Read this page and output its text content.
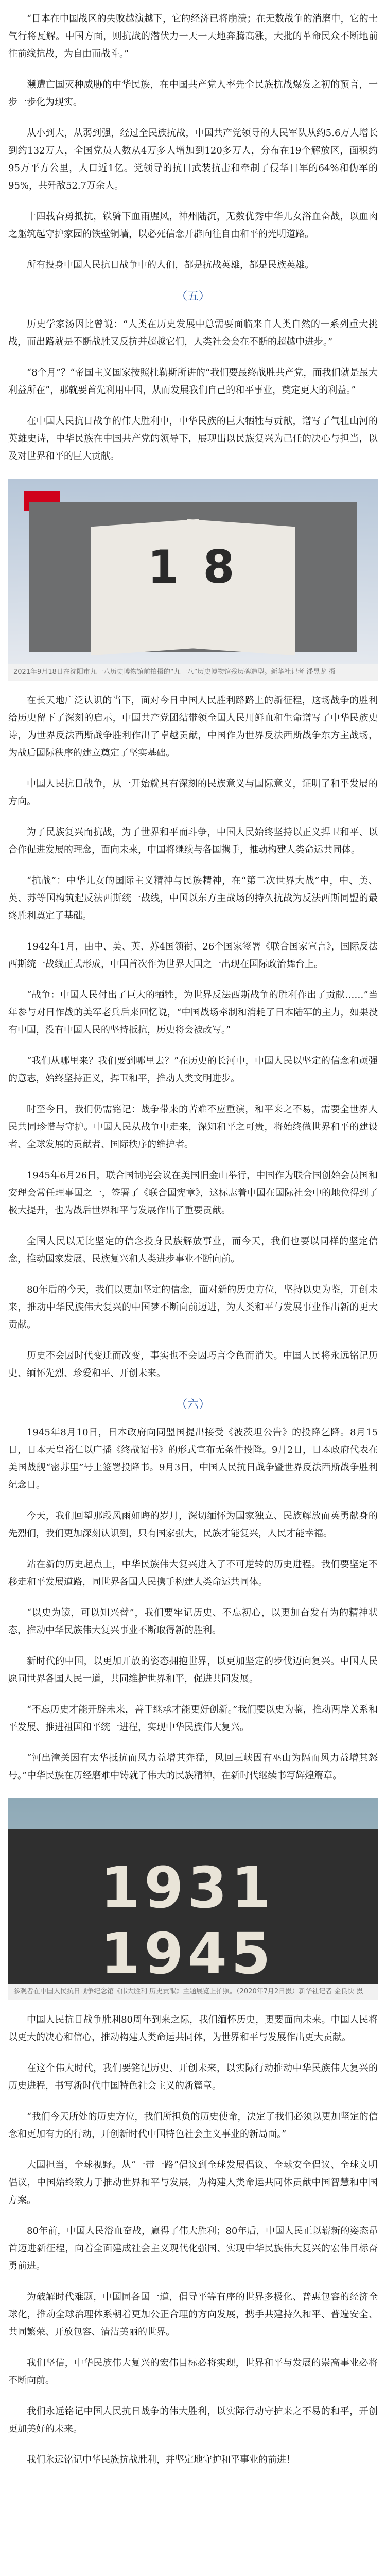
“日本在中国战区的失败越演越下，它的经济已将崩溃；在无数战争的消磨中，它的士气行将瓦解。中国方面，则抗战的潜伏力一天一天地奔腾高涨，大批的革命民众不断地前往前线抗战，为自由而战斗。”

濒遭亡国灭种威胁的中华民族，在中国共产党人率先全民族抗战爆发之初的预言，一步一步化为现实。

从小到大，从弱到强，经过全民族抗战，中国共产党领导的人民军队从约5.6万人增长到约132万人，全国党员人数从4万多人增加到120多万人，分布在19个解放区，面积约95万平方公里，人口近1亿。党领导的抗日武装抗击和牵制了侵华日军的64%和伪军的95%，共歼敌52.7万余人。

十四载奋勇抵抗，铁骑下血雨腥风，神州陆沉，无数优秀中华儿女浴血奋战，以血肉之躯筑起守护家园的铁壁铜墙，以必死信念开辟向往自由和平的光明道路。

所有投身中国人民抗日战争中的人们，都是抗战英雄，都是民族英雄。

（五）

历史学家汤因比曾说：“人类在历史发展中总需要面临来自人类自然的一系列重大挑战，而出路就是不断战胜又反抗并超越它们，人类社会会在不断的超越中进步。”

“8个月”？“帝国主义国家按照杜勒斯所讲的“我们要最终战胜共产党，而我们就是最大利益所在”，那就要首先利用中国，从而发展我们自己的和平事业，奠定更大的利益。”

在中国人民抗日战争的伟大胜利中，中华民族的巨大牺牲与贡献，谱写了气壮山河的英雄史诗，中华民族在中国共产党的领导下，展现出以民族复兴为己任的决心与担当，以及对世界和平的巨大贡献。

1 8
2021年9月18日在沈阳市九一八历史博物馆前拍摄的“九一八”历史博物馆残历碑造型。新华社记者 潘昱龙 摄

在长天地广泛认识的当下，面对今日中国人民胜利路路上的新征程，这场战争的胜利给历史留下了深刻的启示，中国共产党团结带领全国人民用鲜血和生命谱写了中华民族史诗，为世界反法西斯战争胜利作出了卓越贡献，中国作为世界反法西斯战争东方主战场，为战后国际秩序的建立奠定了坚实基础。

中国人民抗日战争，从一开始就具有深刻的民族意义与国际意义，证明了和平发展的方向。

为了民族复兴而抗战，为了世界和平而斗争，中国人民始终坚持以正义捍卫和平、以合作促进发展的理念，面向未来，中国将继续与各国携手，推动构建人类命运共同体。

“抗战”：中华儿女的国际主义精神与民族精神，在“第二次世界大战”中，中、美、英、苏等国构筑起反法西斯统一战线，中国以东方主战场的持久抗战为反法西斯同盟的最终胜利奠定了基础。

1942年1月，由中、美、英、苏4国领衔、26个国家签署《联合国家宣言》，国际反法西斯统一战线正式形成，中国首次作为世界大国之一出现在国际政治舞台上。

“战争：中国人民付出了巨大的牺牲，为世界反法西斯战争的胜利作出了贡献……”当年参与对日作战的美军老兵后来回忆说，“中国战场牵制和消耗了日本陆军的主力，如果没有中国，没有中国人民的坚持抵抗，历史将会被改写。”

“我们从哪里来？我们要到哪里去？”在历史的长河中，中国人民以坚定的信念和顽强的意志，始终坚持正义，捍卫和平，推动人类文明进步。

时至今日，我们仍需铭记：战争带来的苦难不应重演，和平来之不易，需要全世界人民共同珍惜与守护。中国人民从战争中走来，深知和平之可贵，将始终做世界和平的建设者、全球发展的贡献者、国际秩序的维护者。

1945年6月26日，联合国制宪会议在美国旧金山举行，中国作为联合国创始会员国和安理会常任理事国之一，签署了《联合国宪章》，这标志着中国在国际社会中的地位得到了极大提升，也为战后世界和平与发展作出了重要贡献。

全国人民以无比坚定的信念投身民族解放事业，而今天，我们也要以同样的坚定信念，推动国家发展、民族复兴和人类进步事业不断向前。

80年后的今天，我们以更加坚定的信念，面对新的历史方位，坚持以史为鉴，开创未来，推动中华民族伟大复兴的中国梦不断向前迈进，为人类和平与发展事业作出新的更大贡献。

历史不会因时代变迁而改变，事实也不会因巧言令色而消失。中国人民将永远铭记历史、缅怀先烈、珍爱和平、开创未来。

（六）

1945年8月10日，日本政府向同盟国提出接受《波茨坦公告》的投降乞降。8月15日，日本天皇裕仁以广播《终战诏书》的形式宣布无条件投降。9月2日，日本政府代表在美国战舰“密苏里”号上签署投降书。9月3日，中国人民抗日战争暨世界反法西斯战争胜利纪念日。

今天，我们回望那段风雨如晦的岁月，深切缅怀为国家独立、民族解放而英勇献身的先烈们，我们更加深刻认识到，只有国家强大，民族才能复兴，人民才能幸福。

站在新的历史起点上，中华民族伟大复兴进入了不可逆转的历史进程。我们要坚定不移走和平发展道路，同世界各国人民携手构建人类命运共同体。

“以史为镜，可以知兴替”，我们要牢记历史、不忘初心，以更加奋发有为的精神状态，推动中华民族伟大复兴事业不断取得新的胜利。

新时代的中国，以更加开放的姿态拥抱世界，以更加坚定的步伐迈向复兴。中国人民愿同世界各国人民一道，共同维护世界和平，促进共同发展。

“不忘历史才能开辟未来，善于继承才能更好创新。”我们要以史为鉴，推动两岸关系和平发展、推进祖国和平统一进程，实现中华民族伟大复兴。

“河出潼关因有太华抵抗而风力益增其奔猛，风回三峡因有巫山为隔而风力益增其怒号。”中华民族在历经磨难中铸就了伟大的民族精神，在新时代继续书写辉煌篇章。

1931 1945
参观者在中国人民抗日战争纪念馆《伟大胜利 历史贡献》主题展览上拍照。（2020年7月2日摄）新华社记者 金良快 摄

中国人民抗日战争胜利80周年到来之际，我们缅怀历史，更要面向未来。中国人民将以更大的决心和信心，推动构建人类命运共同体，为世界和平与发展作出更大贡献。

在这个伟大时代，我们要铭记历史、开创未来，以实际行动推动中华民族伟大复兴的历史进程，书写新时代中国特色社会主义的新篇章。

“我们今天所处的历史方位，我们所担负的历史使命，决定了我们必须以更加坚定的信念和更加有力的行动，开创新时代中国特色社会主义事业的新局面。”

大国担当，全球视野。从“一带一路”倡议到全球发展倡议、全球安全倡议、全球文明倡议，中国始终致力于推动世界和平与发展，为构建人类命运共同体贡献中国智慧和中国方案。

80年前，中国人民浴血奋战，赢得了伟大胜利；80年后，中国人民正以崭新的姿态昂首迈进新征程，向着全面建成社会主义现代化强国、实现中华民族伟大复兴的宏伟目标奋勇前进。

为破解时代难题，中国同各国一道，倡导平等有序的世界多极化、普惠包容的经济全球化，推动全球治理体系朝着更加公正合理的方向发展，携手共建持久和平、普遍安全、共同繁荣、开放包容、清洁美丽的世界。

我们坚信，中华民族伟大复兴的宏伟目标必将实现，世界和平与发展的崇高事业必将不断向前。

我们永远铭记中国人民抗日战争的伟大胜利，以实际行动守护来之不易的和平，开创更加美好的未来。

我们永远铭记中华民族抗战胜利，并坚定地守护和平事业的前进！
